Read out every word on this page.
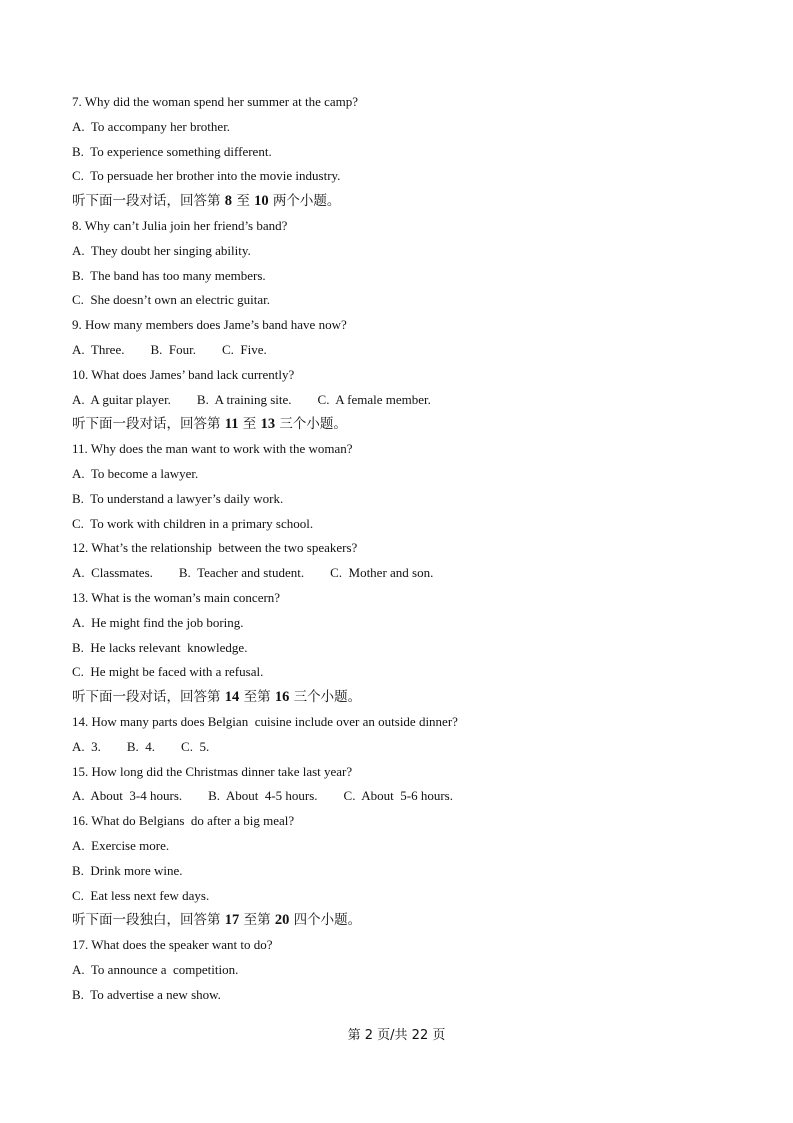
7. Why did the woman spend her summer at the camp?
A.  To accompany her brother.
B.  To experience something different.
C.  To persuade her brother into the movie industry.
听下面一段对话，回答第 8 至 10 两个小题。
8. Why can’t Julia join her friend’s band?
A.  They doubt her singing ability.
B.  The band has too many members.
C.  She doesn’t own an electric guitar.
9. How many members does Jame’s band have now?
A.  Three.        B.  Four.        C.  Five.
10. What does James’ band lack currently?
A.  A guitar player.        B.  A training site.        C.  A female member.
听下面一段对话，回答第 11 至 13 三个小题。
11. Why does the man want to work with the woman?
A.  To become a lawyer.
B.  To understand a lawyer’s daily work.
C.  To work with children in a primary school.
12. What’s the relationship  between the two speakers?
A.  Classmates.        B.  Teacher and student.        C.  Mother and son.
13. What is the woman’s main concern?
A.  He might find the job boring.
B.  He lacks relevant  knowledge.
C.  He might be faced with a refusal.
听下面一段对话，回答第 14 至第 16 三个小题。
14. How many parts does Belgian  cuisine include over an outside dinner?
A.  3.        B.  4.        C.  5.
15. How long did the Christmas dinner take last year?
A.  About  3-4 hours.        B.  About  4-5 hours.        C.  About  5-6 hours.
16. What do Belgians  do after a big meal?
A.  Exercise more.
B.  Drink more wine.
C.  Eat less next few days.
听下面一段独白，回答第 17 至第 20 四个小题。
17. What does the speaker want to do?
A.  To announce a  competition.
B.  To advertise a new show.
第 2 页/共 22 页
